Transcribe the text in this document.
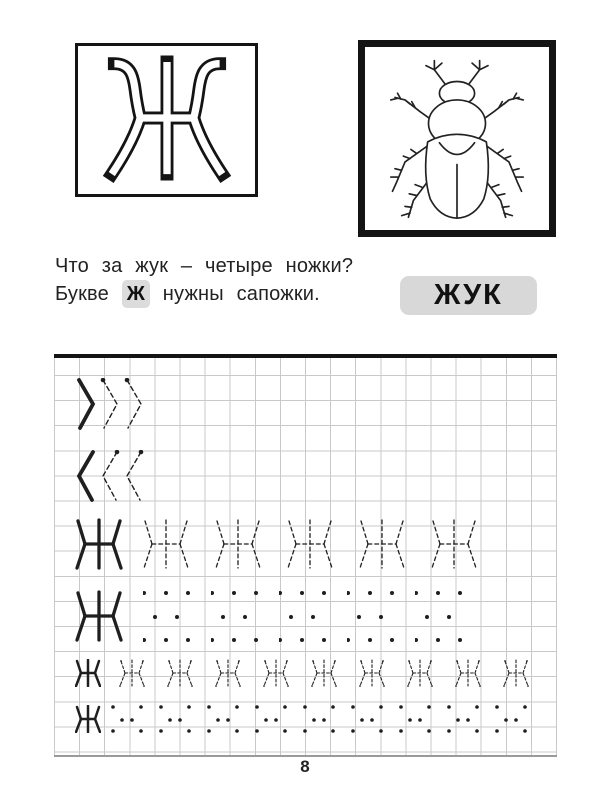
Что за жук – четыре ножки?
Букве Ж нужны сапожки.	ЖУК
8
